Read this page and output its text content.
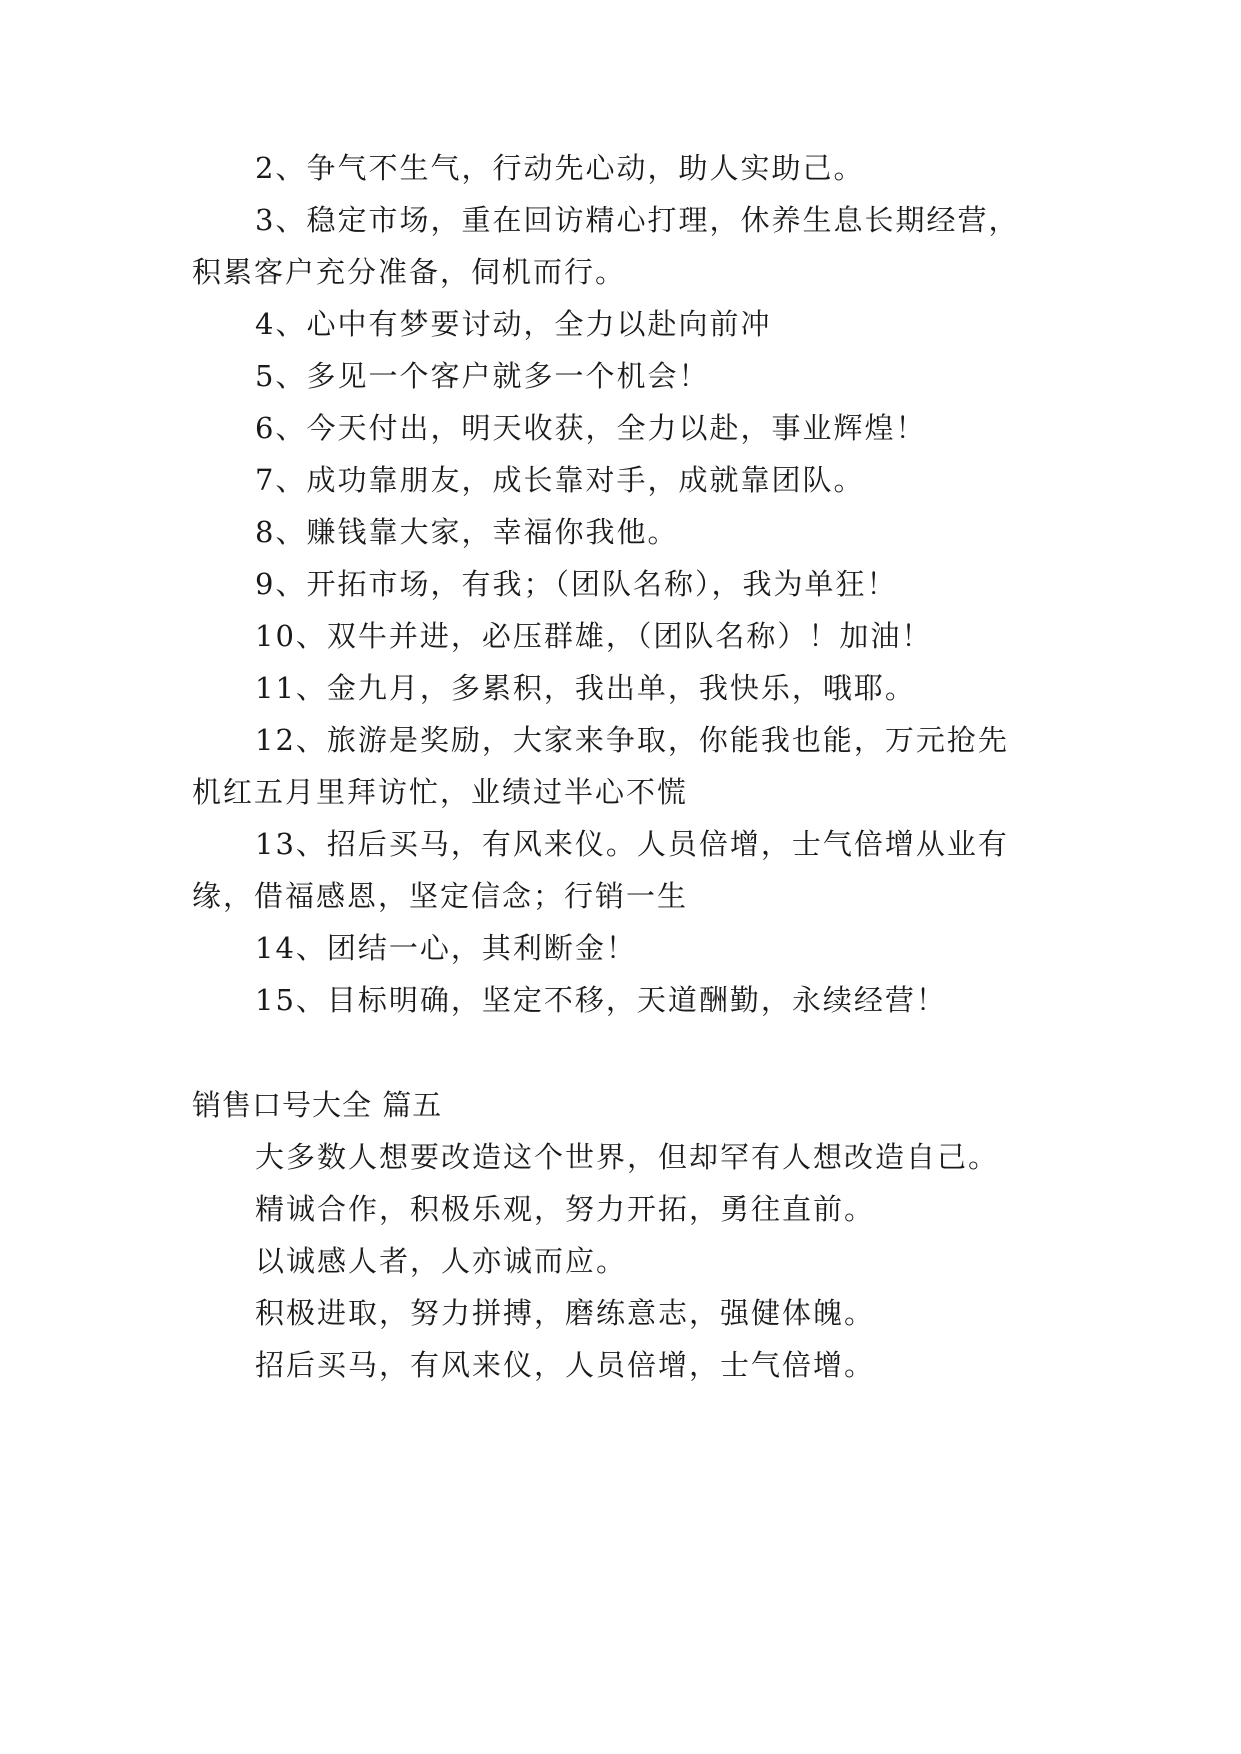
2、争气不生气，行动先心动，助人实助己。
3、稳定市场，重在回访精心打理，休养生息长期经营，
积累客户充分准备，伺机而行。
4、心中有梦要讨动，全力以赴向前冲
5、多见一个客户就多一个机会！
6、今天付出，明天收获，全力以赴，事业辉煌！
7、成功靠朋友，成长靠对手，成就靠团队。
8、赚钱靠大家，幸福你我他。
9、开拓市场，有我；（团队名称），我为单狂！
10、双牛并进，必压群雄，（团队名称）！加油！
11、金九月，多累积，我出单，我快乐，哦耶。
12、旅游是奖励，大家来争取，你能我也能，万元抢先
机红五月里拜访忙，业绩过半心不慌
13、招后买马，有风来仪。人员倍增，士气倍增从业有
缘，借福感恩，坚定信念；行销一生
14、团结一心，其利断金！
15、目标明确，坚定不移，天道酬勤，永续经营！
销售口号大全 篇五
大多数人想要改造这个世界，但却罕有人想改造自己。
精诚合作，积极乐观，努力开拓，勇往直前。
以诚感人者，人亦诚而应。
积极进取，努力拼搏，磨练意志，强健体魄。
招后买马，有风来仪，人员倍增，士气倍增。
